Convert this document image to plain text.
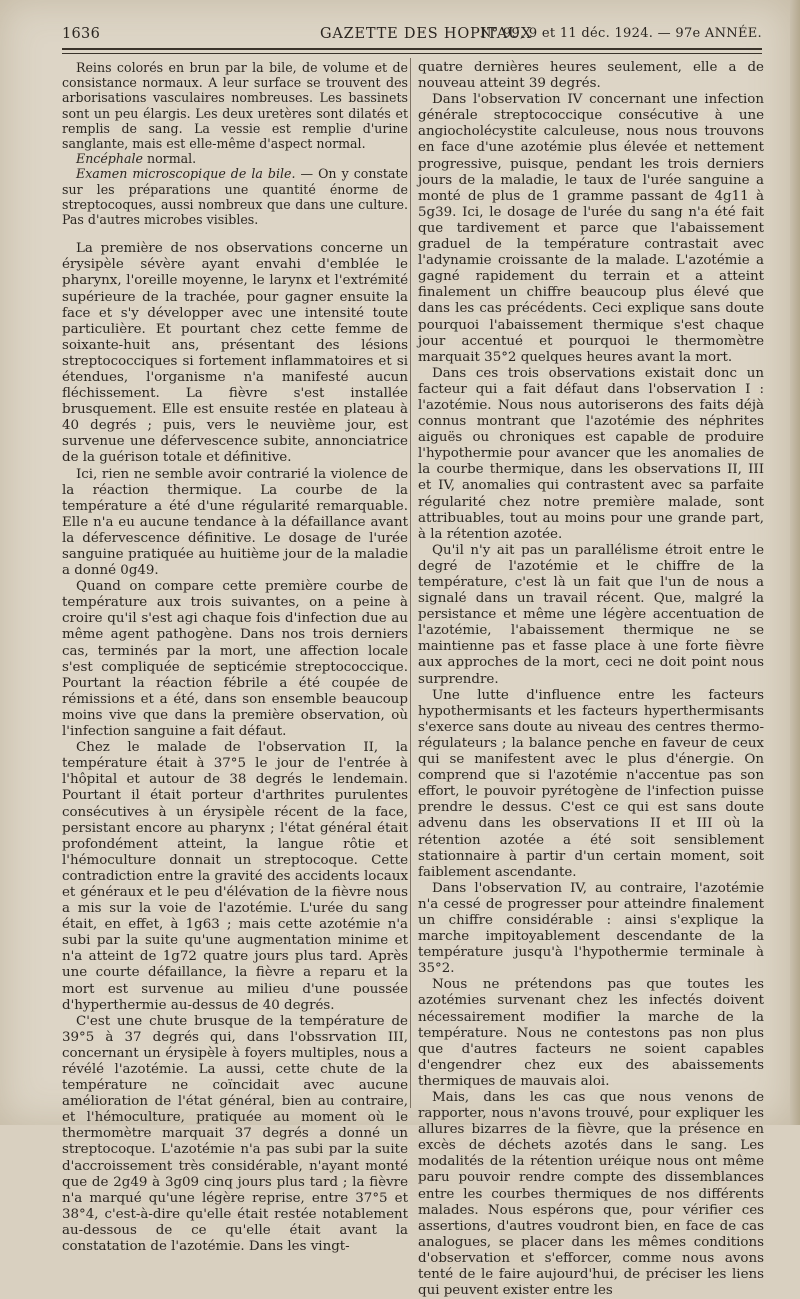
1636	GAZETTE DES HOPITAUX
N° 99, 9 et 11 déc. 1924. — 97e ANNÉE.

Reins colorés en brun par la bile, de volume et de consistance normaux. A leur surface se trouvent des arborisations vasculaires nombreuses. Les bassinets sont un peu élargis. Les deux uretères sont dilatés et remplis de sang. La vessie est remplie d'urine sanglante, mais est elle-même d'aspect normal.

Encéphale normal.

Examen microscopique de la bile. — On y constate sur les préparations une quantité énorme de streptocoques, aussi nombreux que dans une culture. Pas d'autres microbes visibles.

La première de nos observations concerne un érysipèle sévère ayant envahi d'emblée le pharynx, l'oreille moyenne, le larynx et l'extrémité supérieure de la trachée, pour gagner ensuite la face et s'y développer avec une intensité toute particulière. Et pourtant chez cette femme de soixante-huit ans, présentant des lésions streptococciques si fortement inflammatoires et si étendues, l'organisme n'a manifesté aucun fléchissement. La fièvre s'est installée brusquement. Elle est ensuite restée en plateau à 40 degrés ; puis, vers le neuvième jour, est survenue une défervescence subite, annonciatrice de la guérison totale et définitive.

Ici, rien ne semble avoir contrarié la violence de la réaction thermique. La courbe de la température a été d'une régularité remarquable. Elle n'a eu aucune tendance à la défaillance avant la défervescence définitive. Le dosage de l'urée sanguine pratiquée au huitième jour de la maladie a donné 0g49.

Quand on compare cette première courbe de température aux trois suivantes, on a peine à croire qu'il s'est agi chaque fois d'infection due au même agent pathogène. Dans nos trois derniers cas, terminés par la mort, une affection locale s'est compliquée de septicémie streptococcique. Pourtant la réaction fébrile a été coupée de rémissions et a été, dans son ensemble beaucoup moins vive que dans la première observation, où l'infection sanguine a fait défaut.

Chez le malade de l'observation II, la température était à 37°5 le jour de l'entrée à l'hôpital et autour de 38 degrés le lendemain. Pourtant il était porteur d'arthrites purulentes consécutives à un érysipèle récent de la face, persistant encore au pharynx ; l'état général était profondément atteint, la langue rôtie et l'hémoculture donnait un streptocoque. Cette contradiction entre la gravité des accidents locaux et généraux et le peu d'élévation de la fièvre nous a mis sur la voie de l'azotémie. L'urée du sang était, en effet, à 1g63 ; mais cette azotémie n'a subi par la suite qu'une augmentation minime et n'a atteint de 1g72 quatre jours plus tard. Après une courte défaillance, la fièvre a reparu et la mort est survenue au milieu d'une poussée d'hyperthermie au-dessus de 40 degrés.

C'est une chute brusque de la température de 39°5 à 37 degrés qui, dans l'obssrvation III, concernant un érysipèle à foyers multiples, nous a révélé l'azotémie. La aussi, cette chute de la température ne coïncidait avec aucune amélioration de l'état général, bien au contraire, et l'hémoculture, pratiquée au moment où le thermomètre marquait 37 degrés a donné un streptocoque. L'azotémie n'a pas subi par la suite d'accroissement très considérable, n'ayant monté que de 2g49 à 3g09 cinq jours plus tard ; la fièvre n'a marqué qu'une légère reprise, entre 37°5 et 38°4, c'est-à-dire qu'elle était restée notablement au-dessous de ce qu'elle était avant la constatation de l'azotémie. Dans les vingt-

quatre dernières heures seulement, elle a de nouveau atteint 39 degrés.

Dans l'observation IV concernant une infection générale streptococcique consécutive à une angiocholécystite calculeuse, nous nous trouvons en face d'une azotémie plus élevée et nettement progressive, puisque, pendant les trois derniers jours de la maladie, le taux de l'urée sanguine a monté de plus de 1 gramme passant de 4g11 à 5g39. Ici, le dosage de l'urée du sang n'a été fait que tardivement et parce que l'abaissement graduel de la température contrastait avec l'adynamie croissante de la malade. L'azotémie a gagné rapidement du terrain et a atteint finalement un chiffre beaucoup plus élevé que dans les cas précédents. Ceci explique sans doute pourquoi l'abaissement thermique s'est chaque jour accentué et pourquoi le thermomètre marquait 35°2 quelques heures avant la mort.

Dans ces trois observations existait donc un facteur qui a fait défaut dans l'observation I : l'azotémie. Nous nous autoriserons des faits déjà connus montrant que l'azotémie des néphrites aiguës ou chroniques est capable de produire l'hypothermie pour avancer que les anomalies de la courbe thermique, dans les observations II, III et IV, anomalies qui contrastent avec sa parfaite régularité chez notre première malade, sont attribuables, tout au moins pour une grande part, à la rétention azotée.

Qu'il n'y ait pas un parallélisme étroit entre le degré de l'azotémie et le chiffre de la température, c'est là un fait que l'un de nous a signalé dans un travail récent. Que, malgré la persistance et même une légère accentuation de l'azotémie, l'abaissement thermique ne se maintienne pas et fasse place à une forte fièvre aux approches de la mort, ceci ne doit point nous surprendre.

Une lutte d'influence entre les facteurs hypothermisants et les facteurs hyperthermisants s'exerce sans doute au niveau des centres thermo-régulateurs ; la balance penche en faveur de ceux qui se manifestent avec le plus d'énergie. On comprend que si l'azotémie n'accentue pas son effort, le pouvoir pyrétogène de l'infection puisse prendre le dessus. C'est ce qui est sans doute advenu dans les observations II et III où la rétention azotée a été soit sensiblement stationnaire à partir d'un certain moment, soit faiblement ascendante.

Dans l'observation IV, au contraire, l'azotémie n'a cessé de progresser pour atteindre finalement un chiffre considérable : ainsi s'explique la marche impitoyablement descendante de la température jusqu'à l'hypothermie terminale à 35°2.

Nous ne prétendons pas que toutes les azotémies survenant chez les infectés doivent nécessairement modifier la marche de la température. Nous ne contestons pas non plus que d'autres facteurs ne soient capables d'engendrer chez eux des abaissements thermiques de mauvais aloi.

Mais, dans les cas que nous venons de rapporter, nous n'avons trouvé, pour expliquer les allures bizarres de la fièvre, que la présence en excès de déchets azotés dans le sang. Les modalités de la rétention uréique nous ont même paru pouvoir rendre compte des dissemblances entre les courbes thermiques de nos différents malades. Nous espérons que, pour vérifier ces assertions, d'autres voudront bien, en face de cas analogues, se placer dans les mêmes conditions d'observation et s'efforcer, comme nous avons tenté de le faire aujourd'hui, de préciser les liens qui peuvent exister entre les
